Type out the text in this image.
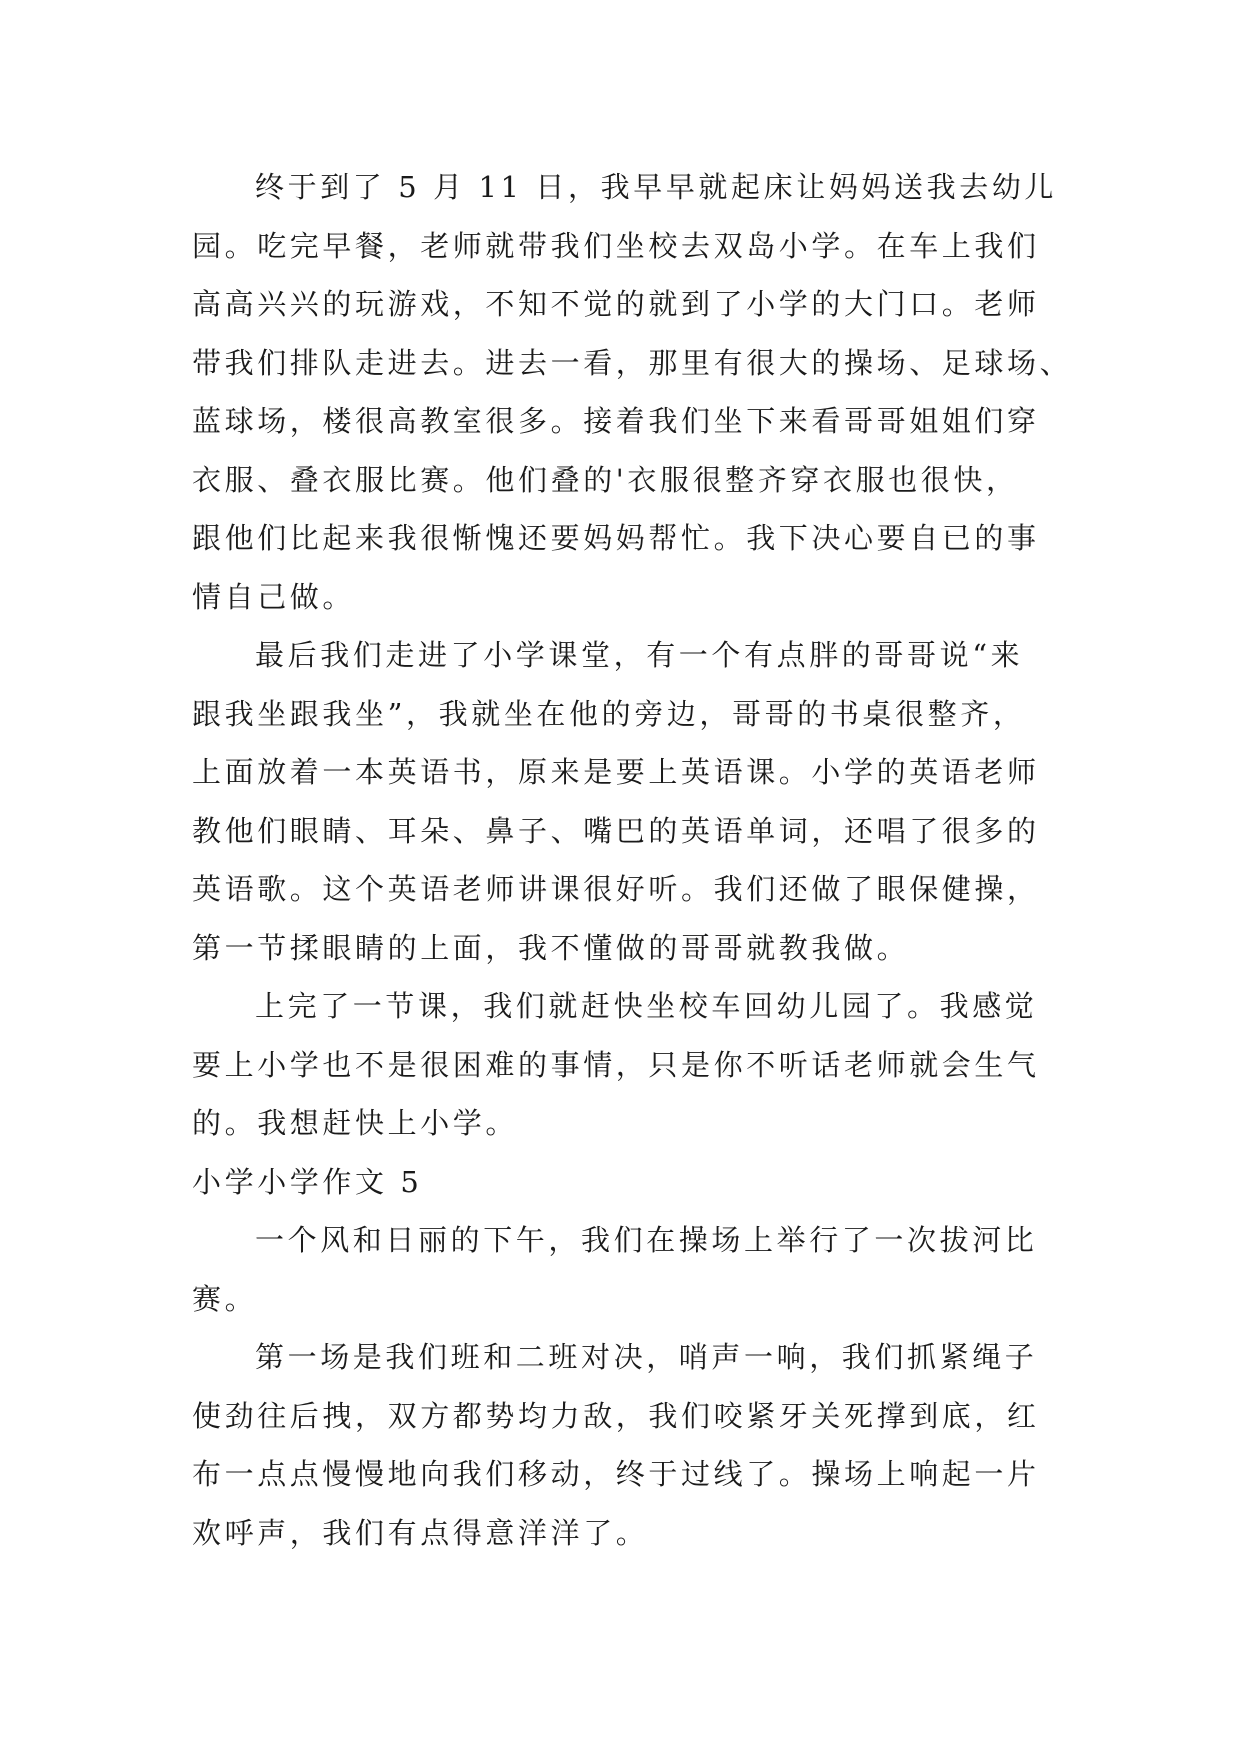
终于到了 5 月 11 日，我早早就起床让妈妈送我去幼儿
园。吃完早餐，老师就带我们坐校去双岛小学。在车上我们
高高兴兴的玩游戏，不知不觉的就到了小学的大门口。老师
带我们排队走进去。进去一看，那里有很大的操场、足球场、
蓝球场，楼很高教室很多。接着我们坐下来看哥哥姐姐们穿
衣服、叠衣服比赛。他们叠的'衣服很整齐穿衣服也很快，
跟他们比起来我很惭愧还要妈妈帮忙。我下决心要自已的事
情自己做。
最后我们走进了小学课堂，有一个有点胖的哥哥说“来
跟我坐跟我坐”，我就坐在他的旁边，哥哥的书桌很整齐，
上面放着一本英语书，原来是要上英语课。小学的英语老师
教他们眼睛、耳朵、鼻子、嘴巴的英语单词，还唱了很多的
英语歌。这个英语老师讲课很好听。我们还做了眼保健操，
第一节揉眼睛的上面，我不懂做的哥哥就教我做。
上完了一节课，我们就赶快坐校车回幼儿园了。我感觉
要上小学也不是很困难的事情，只是你不听话老师就会生气
的。我想赶快上小学。
小学小学作文 5
一个风和日丽的下午，我们在操场上举行了一次拔河比
赛。
第一场是我们班和二班对决，哨声一响，我们抓紧绳子
使劲往后拽，双方都势均力敌，我们咬紧牙关死撑到底，红
布一点点慢慢地向我们移动，终于过线了。操场上响起一片
欢呼声，我们有点得意洋洋了。
